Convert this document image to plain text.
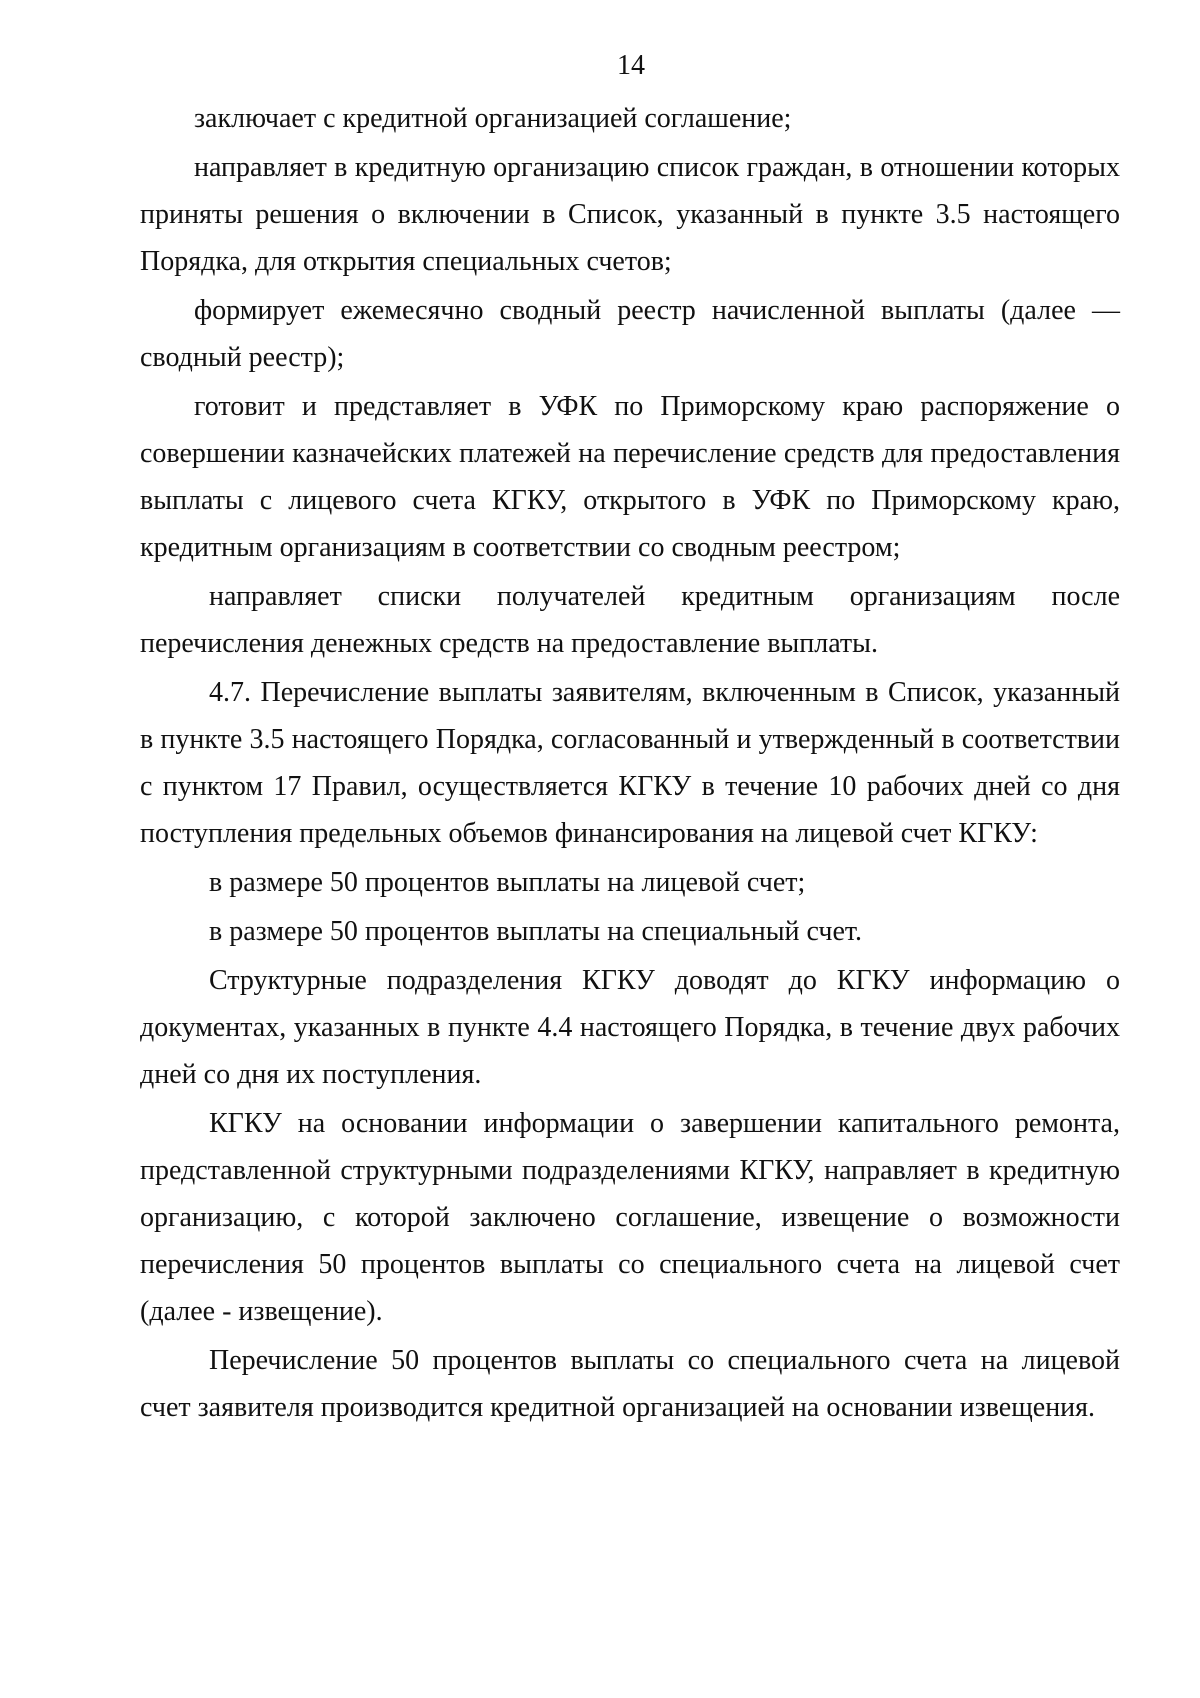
14

заключает с кредитной организацией соглашение;

направляет в кредитную организацию список граждан, в отношении которых приняты решения о включении в Список, указанный в пункте 3.5 настоящего Порядка, для открытия специальных счетов;

формирует ежемесячно сводный реестр начисленной выплаты (далее — сводный реестр);

готовит и представляет в УФК по Приморскому краю распоряжение о совершении казначейских платежей на перечисление средств для предоставления выплаты с лицевого счета КГКУ, открытого в УФК по Приморскому краю, кредитным организациям в соответствии со сводным реестром;

направляет списки получателей кредитным организациям после перечисления денежных средств на предоставление выплаты.

4.7. Перечисление выплаты заявителям, включенным в Список, указанный в пункте 3.5 настоящего Порядка, согласованный и утвержденный в соответствии с пунктом 17 Правил, осуществляется КГКУ в течение 10 рабочих дней со дня поступления предельных объемов финансирования на лицевой счет КГКУ:

в размере 50 процентов выплаты на лицевой счет;

в размере 50 процентов выплаты на специальный счет.

Структурные подразделения КГКУ доводят до КГКУ информацию о документах, указанных в пункте 4.4 настоящего Порядка, в течение двух рабочих дней со дня их поступления.

КГКУ на основании информации о завершении капитального ремонта, представленной структурными подразделениями КГКУ, направляет в кредитную организацию, с которой заключено соглашение, извещение о возможности перечисления 50 процентов выплаты со специального счета на лицевой счет (далее - извещение).

Перечисление 50 процентов выплаты со специального счета на лицевой счет заявителя производится кредитной организацией на основании извещения.
